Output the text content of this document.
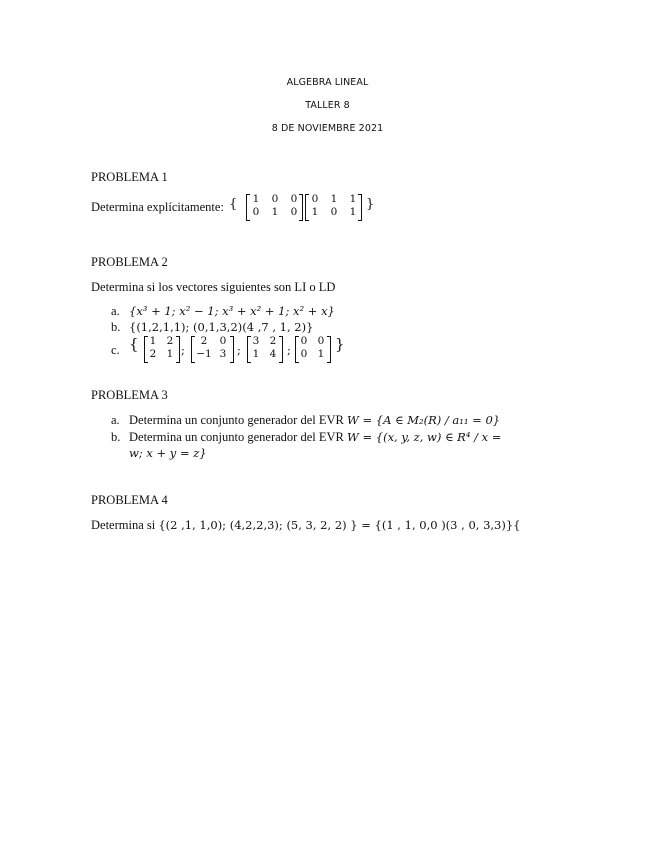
ALGEBRA LINEAL
TALLER 8
8 DE NOVIEMBRE 2021
PROBLEMA 1
Determina explícitamente: { 1 0 0
0 1 0
0 1 1
1 0 1 }
PROBLEMA 2
Determina si los vectores siguientes son LI o LD
a. {x³ + 1; x² − 1; x³ + x² + 1; x² + x}
b. {(1,2,1,1); (0,1,3,2)(4 ,7 , 1, 2)}
c. { 1 2
2 1 ;
2	0
−1 3 ;
3 2
1 4 ;
0 0
0 1
}
PROBLEMA 3
a. Determina un conjunto generador del EVR W = {A ∈ M₂(R) / a₁₁ = 0}
b. Determina un conjunto generador del EVR W = {(x, y, z, w) ∈ R⁴ / x =
w; x + y = z}
PROBLEMA 4
Determina si {(2 ,1, 1,0); (4,2,2,3); (5, 3, 2, 2) } = {(1 , 1, 0,0 )(3 , 0, 3,3)}{
